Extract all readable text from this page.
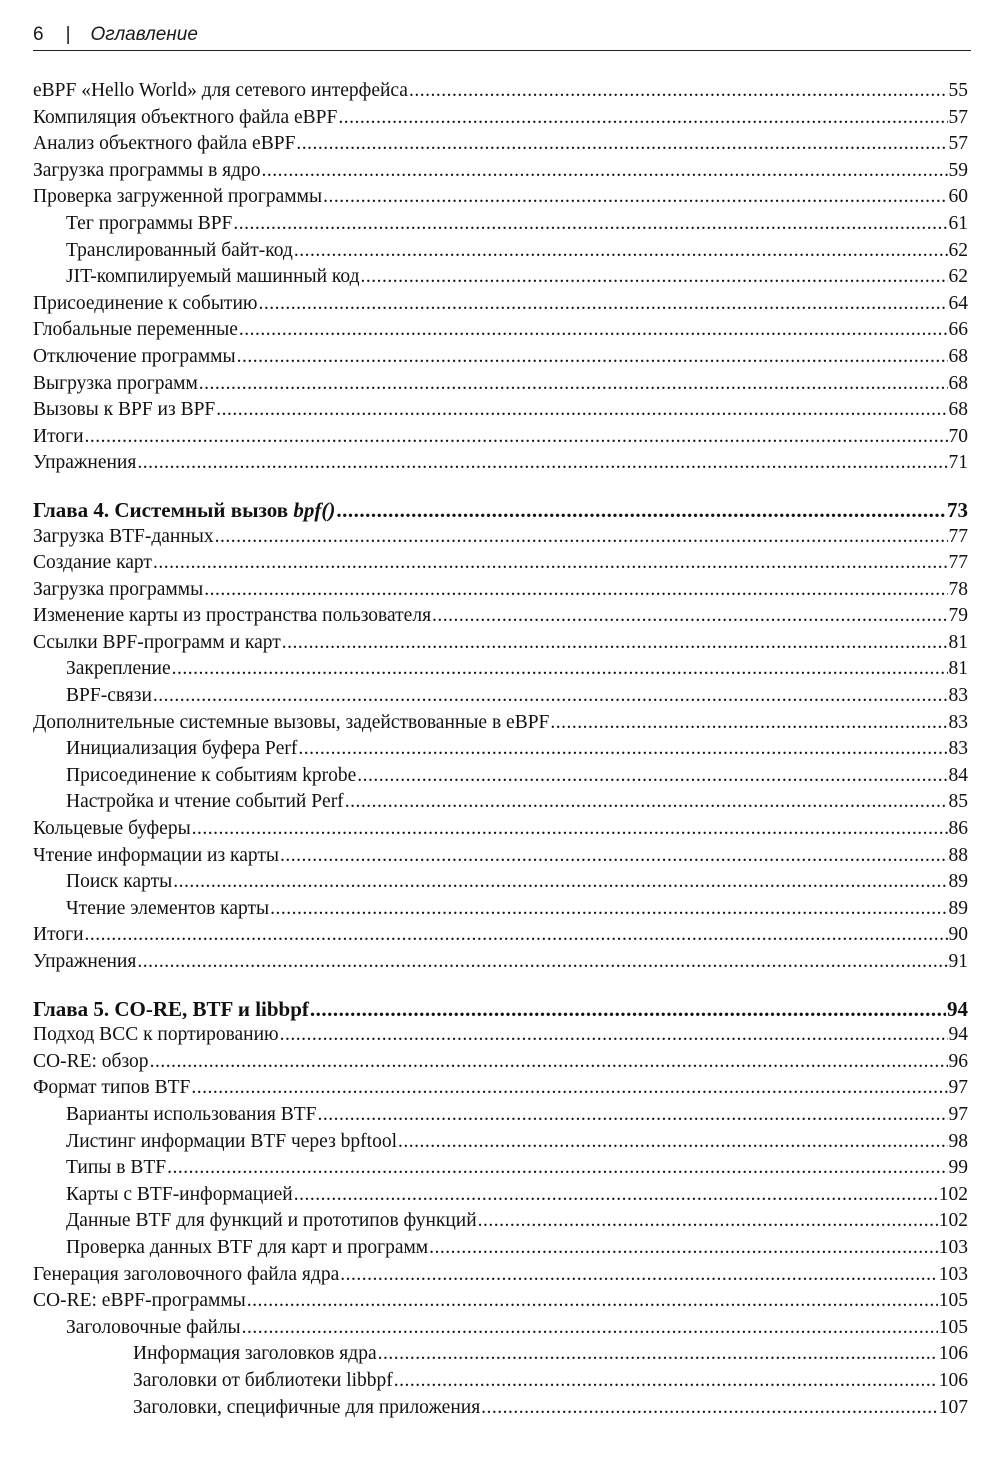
6 | Оглавление
eBPF «Hello World» для сетевого интерфейса .....	55
Компиляция объектного файла eBPF .....	57
Анализ объектного файла eBPF .....	57
Загрузка программы в ядро .....	59
Проверка загруженной программы .....	60
Тег программы BPF .....	61
Транслированный байт-код .....	62
JIT-компилируемый машинный код .....	62
Присоединение к событию .....	64
Глобальные переменные .....	66
Отключение программы .....	68
Выгрузка программ .....	68
Вызовы к BPF из BPF .....	68
Итоги .....	70
Упражнения .....	71
Глава 4. Системный вызов bpf() .....	73
Загрузка BTF-данных .....	77
Создание карт .....	77
Загрузка программы .....	78
Изменение карты из пространства пользователя .....	79
Ссылки BPF-программ и карт .....	81
Закрепление .....	81
BPF-связи .....	83
Дополнительные системные вызовы, задействованные в eBPF .....	83
Инициализация буфера Perf .....	83
Присоединение к событиям kprobe .....	84
Настройка и чтение событий Perf .....	85
Кольцевые буферы .....	86
Чтение информации из карты .....	88
Поиск карты .....	89
Чтение элементов карты .....	89
Итоги .....	90
Упражнения .....	91
Глава 5. CO-RE, BTF и libbpf .....	94
Подход BCC к портированию .....	94
CO-RE: обзор .....	96
Формат типов BTF .....	97
Варианты использования BTF .....	97
Листинг информации BTF через bpftool .....	98
Типы в BTF .....	99
Карты с BTF-информацией .....	102
Данные BTF для функций и прототипов функций .....	102
Проверка данных BTF для карт и программ .....	103
Генерация заголовочного файла ядра .....	103
CO-RE: eBPF-программы .....	105
Заголовочные файлы .....	105
Информация заголовков ядра .....	106
Заголовки от библиотеки libbpf .....	106
Заголовки, специфичные для приложения .....	107
